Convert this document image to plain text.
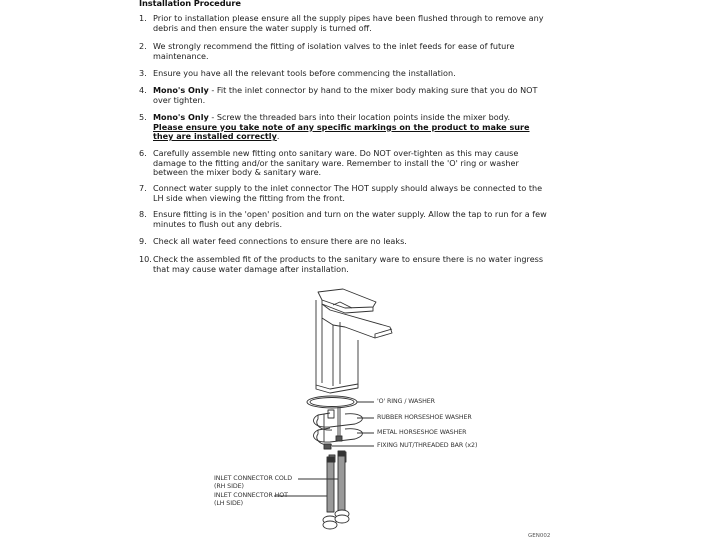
Installation Procedure
1. Prior to installation please ensure all the supply pipes have been flushed through to remove any debris and then ensure the water supply is turned off.
2. We strongly recommend the fitting of isolation valves to the inlet feeds for ease of future maintenance.
3. Ensure you have all the relevant tools before commencing the installation.
4. Mono's Only - Fit the inlet connector by hand to the mixer body making sure that you do NOT over tighten.
5. Mono's Only - Screw the threaded bars into their location points inside the mixer body.
Please ensure you take note of any specific markings on the product to make sure they are installed correctly.
6. Carefully assemble new fitting onto sanitary ware. Do NOT over-tighten as this may cause damage to the fitting and/or the sanitary ware. Remember to install the 'O' ring or washer between the mixer body & sanitary ware.
7. Connect water supply to the inlet connector The HOT supply should always be connected to the LH side when viewing the fitting from the front.
8. Ensure fitting is in the 'open' position and turn on the water supply. Allow the tap to run for a few minutes to flush out any debris.
9. Check all water feed connections to ensure there are no leaks.
10. Check the assembled fit of the products to the sanitary ware to ensure there is no water ingress that may cause water damage after installation.
'O' RING / WASHER
RUBBER HORSESHOE WASHER
METAL HORSESHOE WASHER
FIXING NUT/THREADED BAR (x2)
INLET CONNECTOR COLD
(RH SIDE)
INLET CONNECTOR HOT
(LH SIDE)
GEN002
